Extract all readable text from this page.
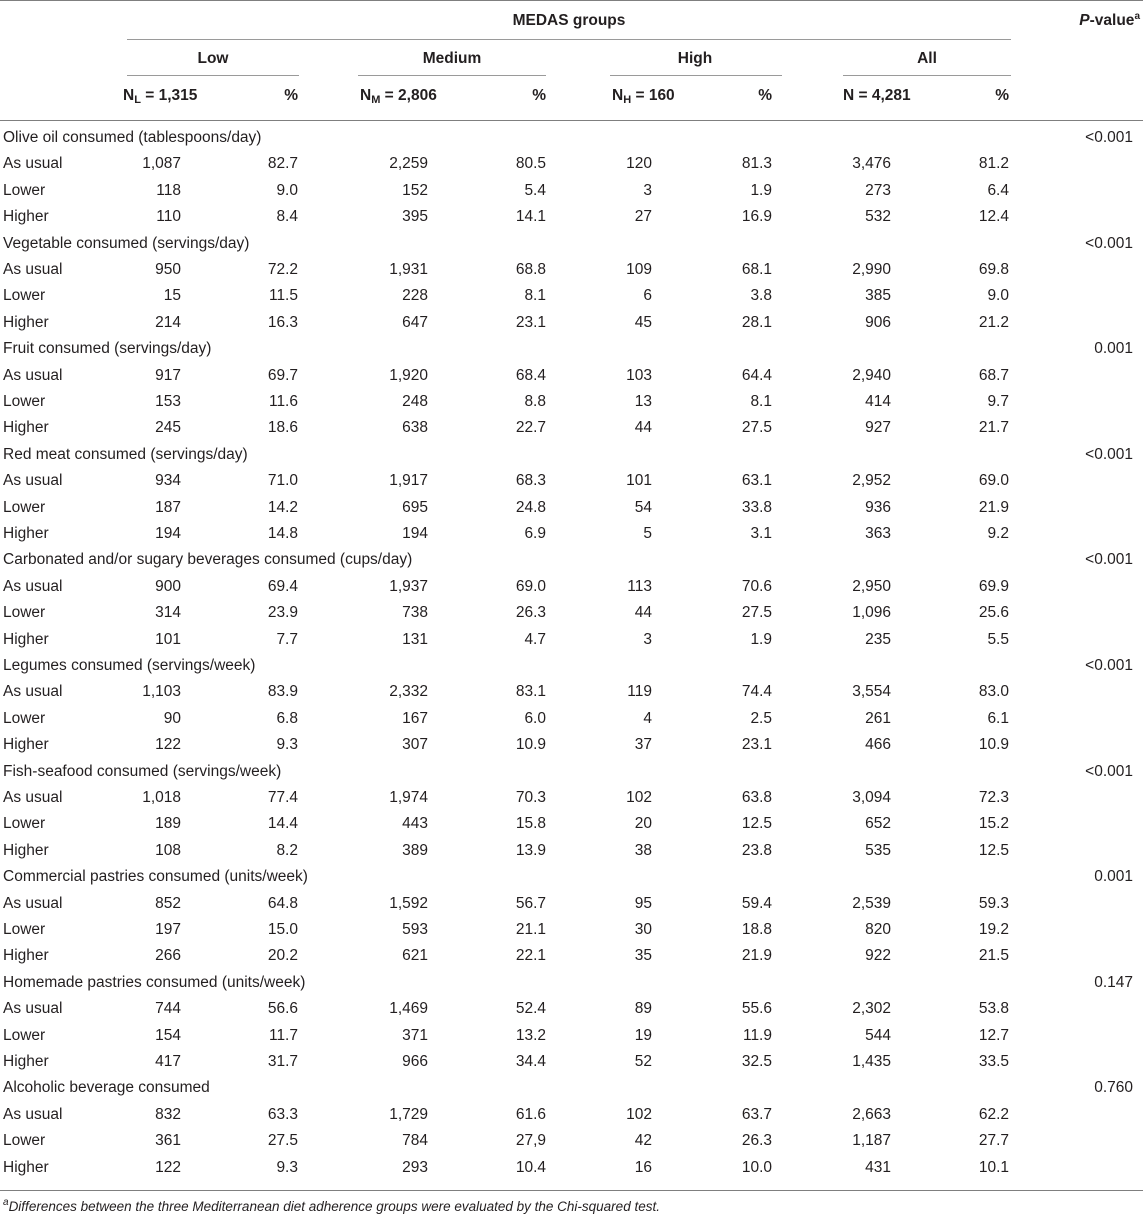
MEDAS groups	P-value$^a$
Low
$N_L = 1,315$	%
Medium
$N_M = 2,806$	%
High
$N_H = 160$	%
All
N = 4,281	%
Olive oil consumed (tablespoons/day)	<0.001
As usual	1,087	82.7	2,259	80.5	120	81.3	3,476	81.2
Lower	118	9.0	152	5.4	3	1.9	273	6.4
Higher	110	8.4	395	14.1	27	16.9	532	12.4
Vegetable consumed (servings/day)	<0.001
As usual	950	72.2	1,931	68.8	109	68.1	2,990	69.8
Lower	15	11.5	228	8.1	6	3.8	385	9.0
Higher	214	16.3	647	23.1	45	28.1	906	21.2
Fruit consumed (servings/day)	0.001
As usual	917	69.7	1,920	68.4	103	64.4	2,940	68.7
Lower	153	11.6	248	8.8	13	8.1	414	9.7
Higher	245	18.6	638	22.7	44	27.5	927	21.7
Red meat consumed (servings/day)	<0.001
As usual	934	71.0	1,917	68.3	101	63.1	2,952	69.0
Lower	187	14.2	695	24.8	54	33.8	936	21.9
Higher	194	14.8	194	6.9	5	3.1	363	9.2
Carbonated and/or sugary beverages consumed (cups/day)	<0.001
As usual	900	69.4	1,937	69.0	113	70.6	2,950	69.9
Lower	314	23.9	738	26.3	44	27.5	1,096	25.6
Higher	101	7.7	131	4.7	3	1.9	235	5.5
Legumes consumed (servings/week)	<0.001
As usual	1,103	83.9	2,332	83.1	119	74.4	3,554	83.0
Lower	90	6.8	167	6.0	4	2.5	261	6.1
Higher	122	9.3	307	10.9	37	23.1	466	10.9
Fish-seafood consumed (servings/week)	<0.001
As usual	1,018	77.4	1,974	70.3	102	63.8	3,094	72.3
Lower	189	14.4	443	15.8	20	12.5	652	15.2
Higher	108	8.2	389	13.9	38	23.8	535	12.5
Commercial pastries consumed (units/week)	0.001
As usual	852	64.8	1,592	56.7	95	59.4	2,539	59.3
Lower	197	15.0	593	21.1	30	18.8	820	19.2
Higher	266	20.2	621	22.1	35	21.9	922	21.5
Homemade pastries consumed (units/week)	0.147
As usual	744	56.6	1,469	52.4	89	55.6	2,302	53.8
Lower	154	11.7	371	13.2	19	11.9	544	12.7
Higher	417	31.7	966	34.4	52	32.5	1,435	33.5
Alcoholic beverage consumed	0.760
As usual	832	63.3	1,729	61.6	102	63.7	2,663	62.2
Lower	361	27.5	784	27,9	42	26.3	1,187	27.7
Higher	122	9.3	293	10.4	16	10.0	431	10.1
$^a$Differences between the three Mediterranean diet adherence groups were evaluated by the Chi-squared test.
